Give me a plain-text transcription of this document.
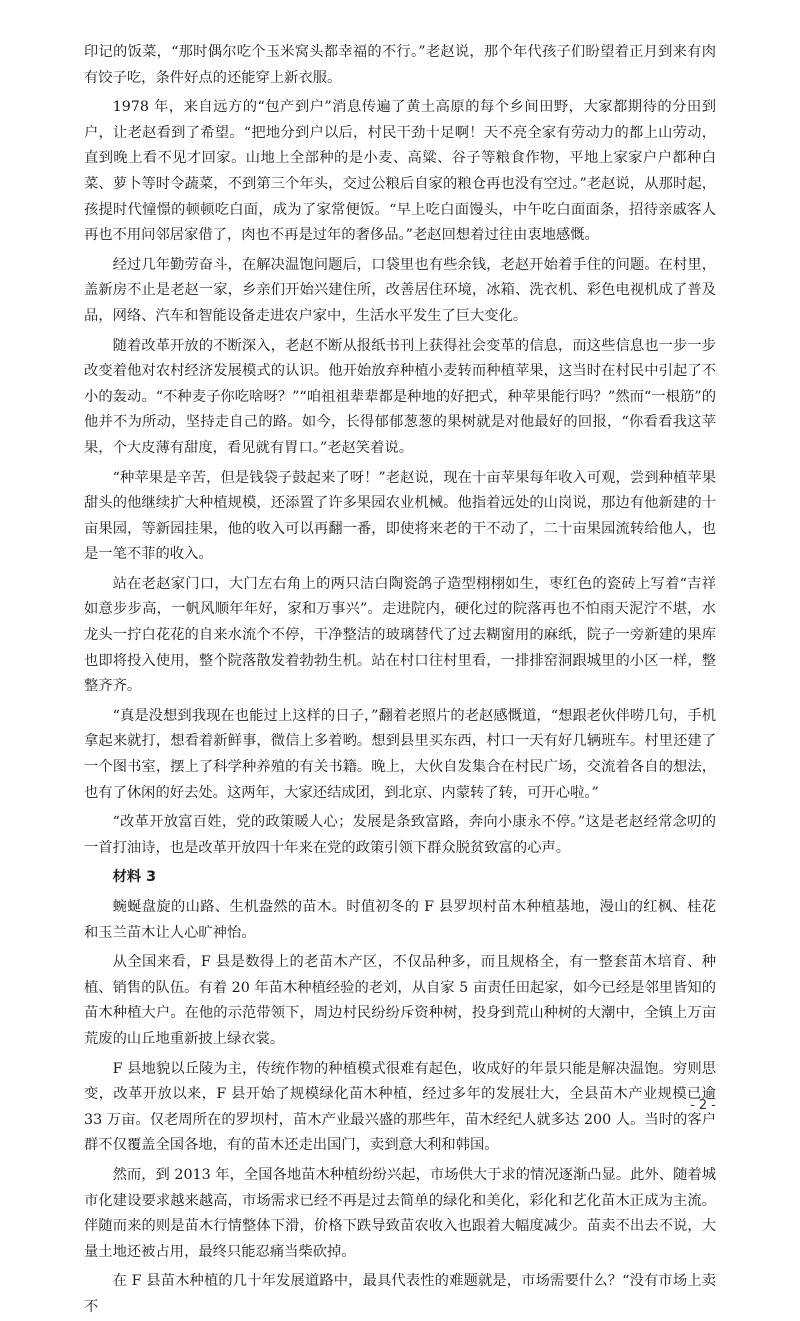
印记的饭菜，“那时偶尔吃个玉米窝头都幸福的不行。”老赵说，那个年代孩子们盼望着正月到来有肉有饺子吃，条件好点的还能穿上新衣服。

1978 年，来自远方的“包产到户”消息传遍了黄土高原的每个乡间田野，大家都期待的分田到户，让老赵看到了希望。“把地分到户以后，村民干劲十足啊！天不亮全家有劳动力的都上山劳动，直到晚上看不见才回家。山地上全部种的是小麦、高粱、谷子等粮食作物，平地上家家户户都种白菜、萝卜等时令蔬菜，不到第三个年头，交过公粮后自家的粮仓再也没有空过。”老赵说，从那时起，孩提时代憧憬的顿顿吃白面，成为了家常便饭。“早上吃白面馒头，中午吃白面面条，招待亲戚客人再也不用问邻居家借了，肉也不再是过年的奢侈品。”老赵回想着过往由衷地感慨。

经过几年勤劳奋斗，在解决温饱问题后，口袋里也有些余钱，老赵开始着手住的问题。在村里，盖新房不止是老赵一家，乡亲们开始兴建住所，改善居住环境，冰箱、洗衣机、彩色电视机成了普及品，网络、汽车和智能设备走进农户家中，生活水平发生了巨大变化。

随着改革开放的不断深入，老赵不断从报纸书刊上获得社会变革的信息，而这些信息也一步一步改变着他对农村经济发展模式的认识。他开始放弃种植小麦转而种植苹果，这当时在村民中引起了不小的轰动。“不种麦子你吃啥呀？”“咱祖祖辈辈都是种地的好把式，种苹果能行吗？”然而“一根筋”的他并不为所动，坚持走自己的路。如今，长得郁郁葱葱的果树就是对他最好的回报，“你看看我这苹果，个大皮薄有甜度，看见就有胃口。”老赵笑着说。

“种苹果是辛苦，但是钱袋子鼓起来了呀！”老赵说，现在十亩苹果每年收入可观，尝到种植苹果甜头的他继续扩大种植规模，还添置了许多果园农业机械。他指着远处的山岗说，那边有他新建的十亩果园，等新园挂果，他的收入可以再翻一番，即使将来老的干不动了，二十亩果园流转给他人，也是一笔不菲的收入。

站在老赵家门口，大门左右角上的两只洁白陶瓷鸽子造型栩栩如生，枣红色的瓷砖上写着“吉祥如意步步高，一帆风顺年年好，家和万事兴”。走进院内，硬化过的院落再也不怕雨天泥泞不堪，水龙头一拧白花花的自来水流个不停，干净整洁的玻璃替代了过去糊窗用的麻纸，院子一旁新建的果库也即将投入使用，整个院落散发着勃勃生机。站在村口往村里看，一排排窑洞跟城里的小区一样，整整齐齐。

“真是没想到我现在也能过上这样的日子，”翻着老照片的老赵感慨道，“想跟老伙伴唠几句，手机拿起来就打，想看着新鲜事，微信上多着哟。想到县里买东西，村口一天有好几辆班车。村里还建了一个图书室，摆上了科学种养殖的有关书籍。晚上，大伙自发集合在村民广场，交流着各自的想法，也有了休闲的好去处。这两年，大家还结成团，到北京、内蒙转了转，可开心啦。”

“改革开放富百姓，党的政策暖人心；发展是条致富路，奔向小康永不停。”这是老赵经常念叨的一首打油诗，也是改革开放四十年来在党的政策引领下群众脱贫致富的心声。

材料 3

蜿蜒盘旋的山路、生机盎然的苗木。时值初冬的 F 县罗坝村苗木种植基地，漫山的红枫、桂花和玉兰苗木让人心旷神怡。

从全国来看，F 县是数得上的老苗木产区，不仅品种多，而且规格全，有一整套苗木培育、种植、销售的队伍。有着 20 年苗木种植经验的老刘，从自家 5 亩责任田起家，如今已经是邻里皆知的苗木种植大户。在他的示范带领下，周边村民纷纷斥资种树，投身到荒山种树的大潮中，全镇上万亩荒废的山丘地重新披上绿衣裳。

F 县地貌以丘陵为主，传统作物的种植模式很难有起色，收成好的年景只能是解决温饱。穷则思变，改革开放以来，F 县开始了规模绿化苗木种植，经过多年的发展壮大，全县苗木产业规模已逾 33 万亩。仅老周所在的罗坝村，苗木产业最兴盛的那些年，苗木经纪人就多达 200 人。当时的客户群不仅覆盖全国各地，有的苗木还走出国门，卖到意大利和韩国。

然而，到 2013 年，全国各地苗木种植纷纷兴起，市场供大于求的情况逐渐凸显。此外、随着城市化建设要求越来越高，市场需求已经不再是过去简单的绿化和美化，彩化和艺化苗木正成为主流。伴随而来的则是苗木行情整体下滑，价格下跌导致苗农收入也跟着大幅度减少。苗卖不出去不说，大量土地还被占用，最终只能忍痛当柴砍掉。

在 F 县苗木种植的几十年发展道路中，最具代表性的难题就是，市场需要什么？“没有市场上卖不

- 2 -
